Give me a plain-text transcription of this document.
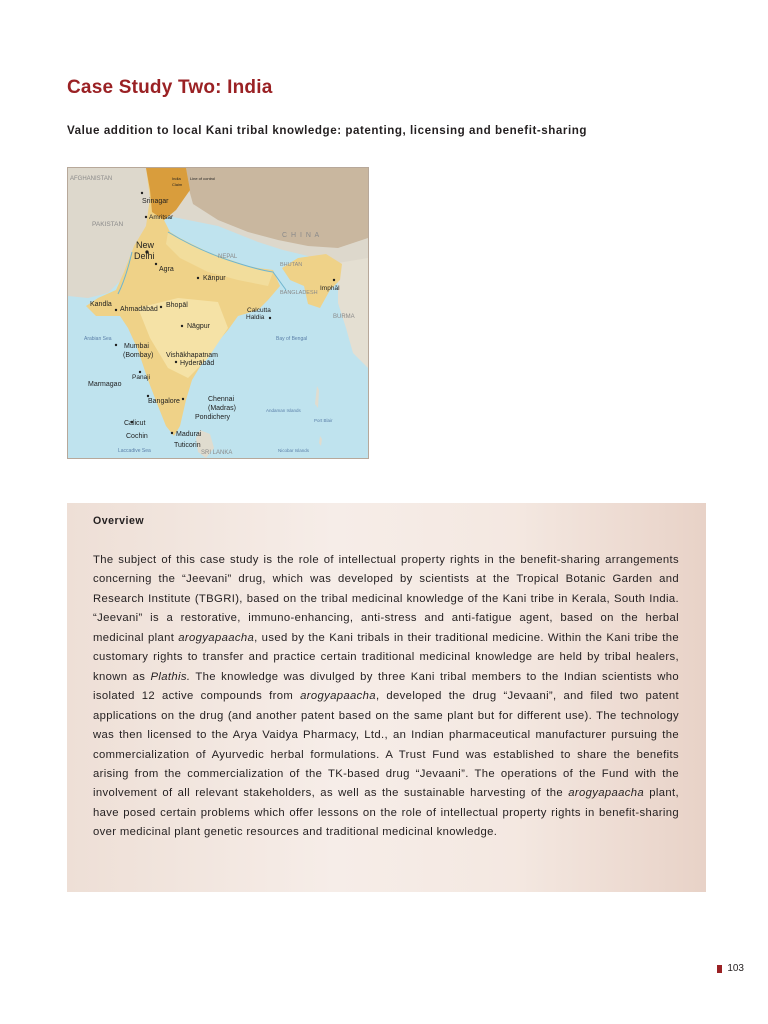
Case Study Two: India
Value addition to local Kani tribal knowledge: patenting, licensing and benefit-sharing
AFGHANISTAN
PAKISTAN
C H I N A
NEPAL
BHUTAN
BANGLADESH
BURMA
SRI LANKA
India
Claim
Line of control
Arabian Sea	Bay of Bengal
Laccadive Sea
Andaman Islands
Nicobar Islands
Port Blair
Srinagar
Amritsar
New
Delhi
Agra
Kānpur
Imphāl
Kandla
Ahmadābād
Bhopāl
Calcutta
Haldia
Nāgpur
Mumbai
(Bombay) Vishākhapatnam
Hyderābād
Panaji
Marmagao
Bangalore	Chennai
(Madras)
Pondichery
Calicut
Cochin	Madurai
Tuticorin
Overview

The subject of this case study is the role of intellectual property rights in the benefit-sharing arrangements concerning the “Jeevani” drug, which was developed by scientists at the Tropical Botanic Garden and Research Institute (TBGRI), based on the tribal medicinal knowledge of the Kani tribe in Kerala, South India. “Jeevani” is a restorative, immuno-enhancing, anti-stress and anti-fatigue agent, based on the herbal medicinal plant arogyapaacha, used by the Kani tribals in their traditional medicine. Within the Kani tribe the customary rights to transfer and practice certain traditional medicinal knowledge are held by tribal healers, known as Plathis. The knowledge was divulged by three Kani tribal members to the Indian scientists who isolated 12 active compounds from arogyapaacha, developed the drug “Jevaani”, and filed two patent applications on the drug (and another patent based on the same plant but for different use). The technology was then licensed to the Arya Vaidya Pharmacy, Ltd., an Indian pharmaceutical manufacturer pursuing the commercialization of Ayurvedic herbal formulations. A Trust Fund was established to share the benefits arising from the commercialization of the TK-based drug “Jevaani”. The operations of the Fund with the involvement of all relevant stakeholders, as well as the sustainable harvesting of the arogyapaacha plant, have posed certain problems which offer lessons on the role of intellectual property rights in benefit-sharing over medicinal plant genetic resources and traditional medicinal knowledge.

103
